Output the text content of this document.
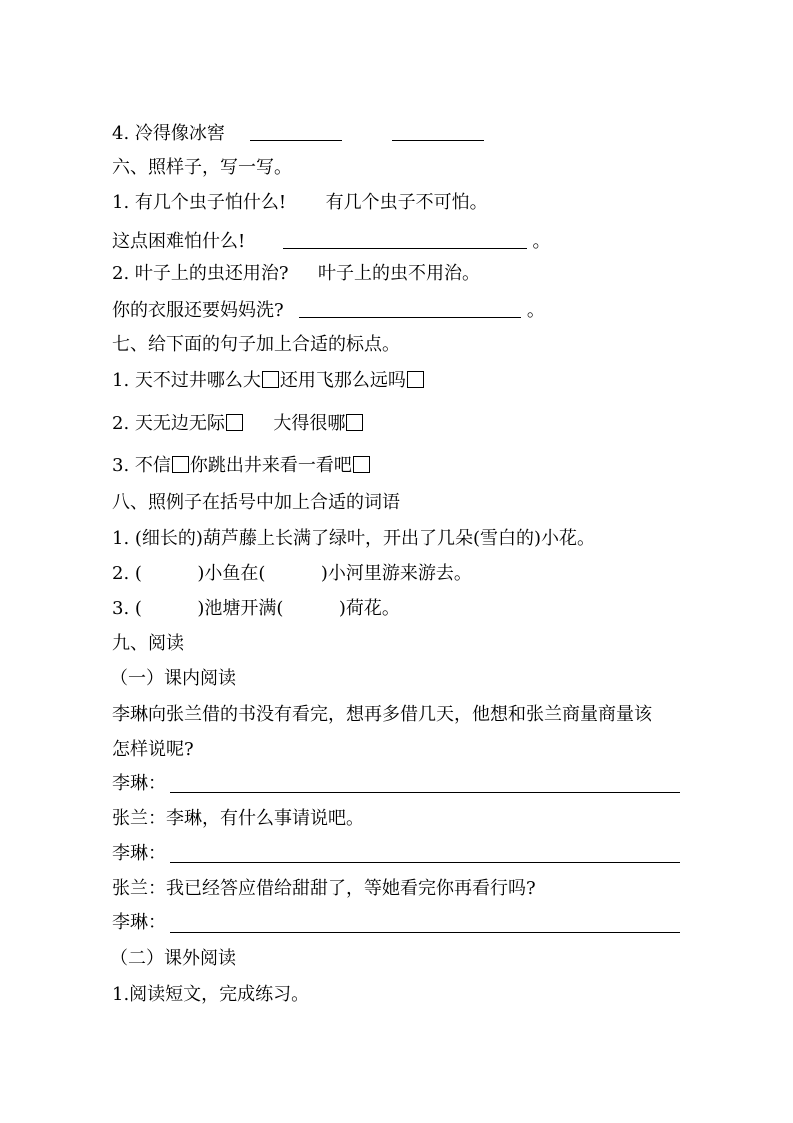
4. 冷得像冰窖
六、照样子，写一写。
1. 有几个虫子怕什么! 有几个虫子不可怕。
这点困难怕什么!	。
2. 叶子上的虫还用治? 叶子上的虫不用治。
你的衣服还要妈妈洗?	。
七、给下面的句子加上合适的标点。
1. 天不过井哪么大 还用飞那么远吗
2. 天无边无际	大得很哪
3. 不信 你跳出井来看一看吧
八、照例子在括号中加上合适的词语
1. (细长的)葫芦藤上长满了绿叶，开出了几朵(雪白的)小花。
2. (	)小鱼在(	)小河里游来游去。
3. (	)池塘开满(	)荷花。
九、阅读
（一）课内阅读
李琳向张兰借的书没有看完，想再多借几天，他想和张兰商量商量该
怎样说呢?
李琳：
张兰：李琳，有什么事请说吧。
李琳：
张兰：我已经答应借给甜甜了，等她看完你再看行吗?
李琳：
（二）课外阅读
1.阅读短文，完成练习。
